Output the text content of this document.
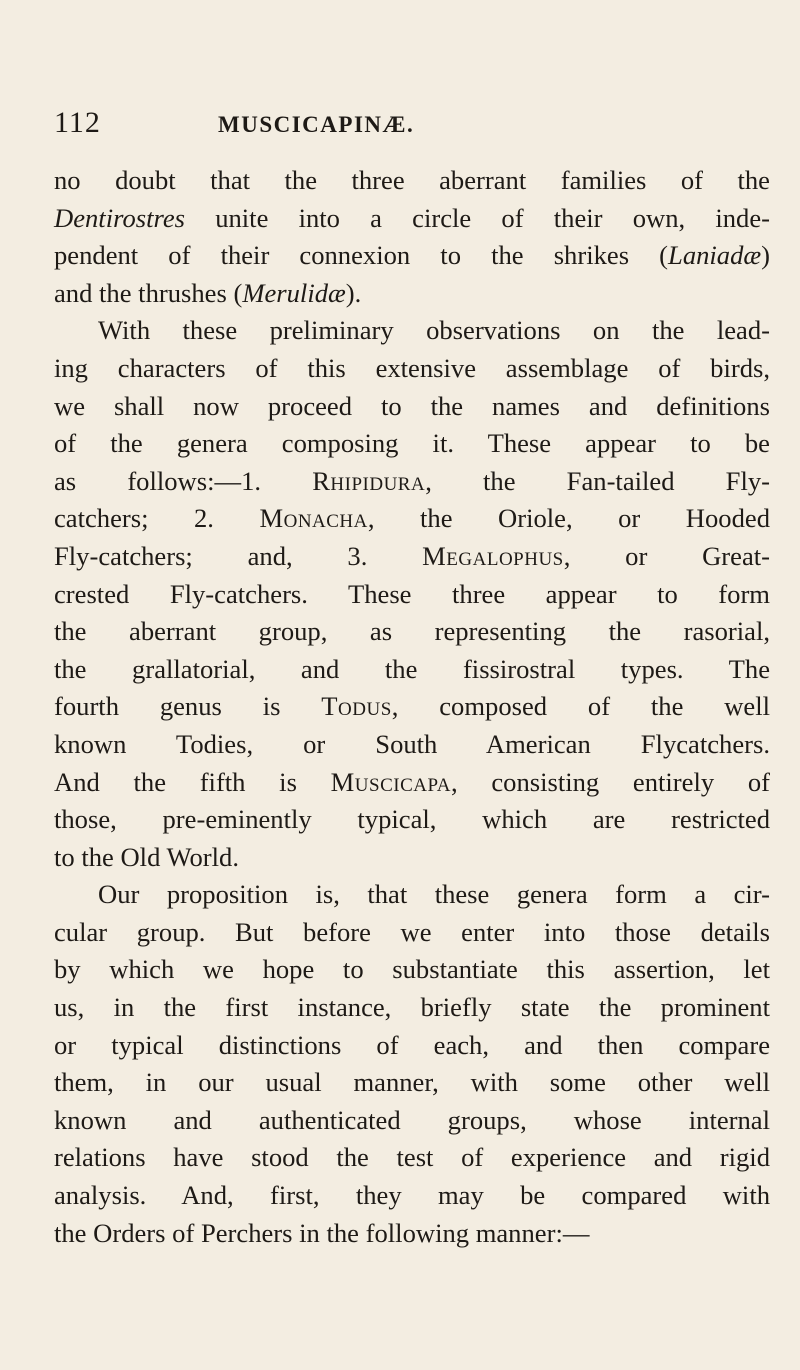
112	MUSCICAPINÆ.
no doubt that the three aberrant families of the
Dentirostres unite into a circle of their own, inde-
pendent of their connexion to the shrikes (Laniadæ)
and the thrushes (Merulidæ).
With these preliminary observations on the lead-
ing characters of this extensive assemblage of birds,
we shall now proceed to the names and definitions
of the genera composing it. These appear to be
as follows:—1. Rhipidura, the Fan-tailed Fly-
catchers; 2. Monacha, the Oriole, or Hooded
Fly-catchers; and, 3. Megalophus, or Great-
crested Fly-catchers. These three appear to form
the aberrant group, as representing the rasorial,
the grallatorial, and the fissirostral types. The
fourth genus is Todus, composed of the well
known Todies, or South American Flycatchers.
And the fifth is Muscicapa, consisting entirely of
those, pre-eminently typical, which are restricted
to the Old World.
Our proposition is, that these genera form a cir-
cular group. But before we enter into those details
by which we hope to substantiate this assertion, let
us, in the first instance, briefly state the prominent
or typical distinctions of each, and then compare
them, in our usual manner, with some other well
known and authenticated groups, whose internal
relations have stood the test of experience and rigid
analysis. And, first, they may be compared with
the Orders of Perchers in the following manner:—
